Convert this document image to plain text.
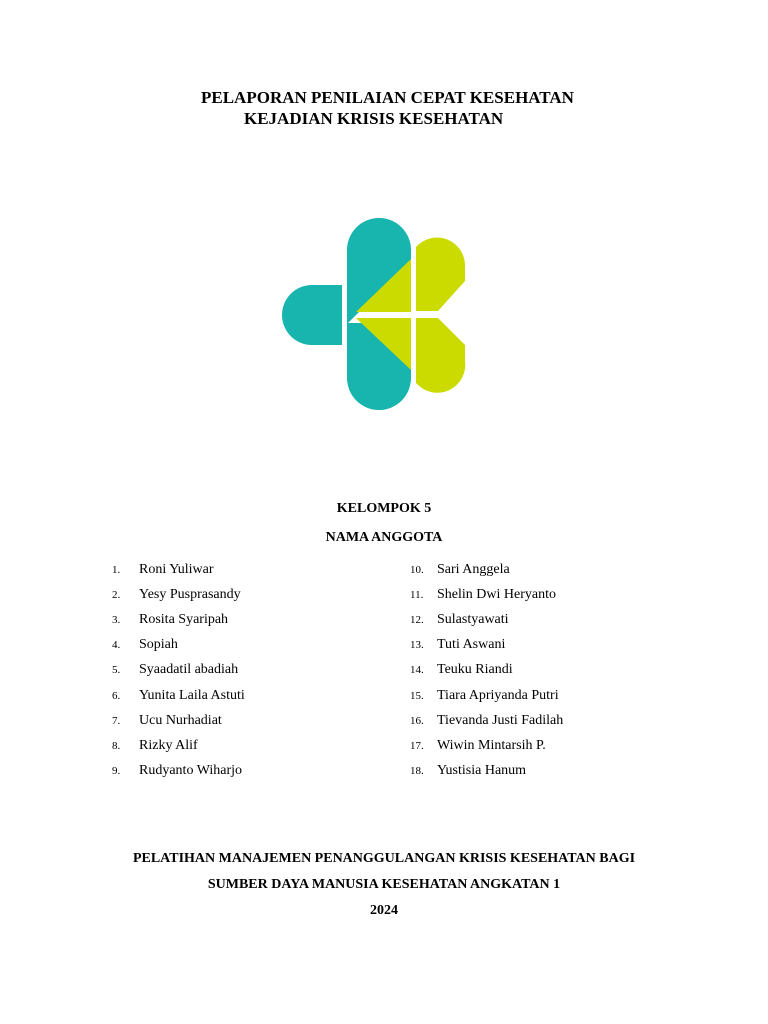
PELAPORAN PENILAIAN CEPAT KESEHATAN
KEJADIAN KRISIS KESEHATAN
KELOMPOK 5
NAMA ANGGOTA
1.	Roni Yuliwar
2.	Yesy Pusprasandy
3.	Rosita Syaripah
4.	Sopiah
5.	Syaadatil abadiah
6.	Yunita Laila Astuti
7.	Ucu Nurhadiat
8.	Rizky Alif
9.	Rudyanto Wiharjo
10. Sari Anggela
11. Shelin Dwi Heryanto
12. Sulastyawati
13. Tuti Aswani
14. Teuku Riandi
15. Tiara Apriyanda Putri
16. Tievanda Justi Fadilah
17. Wiwin Mintarsih P.
18. Yustisia Hanum
PELATIHAN MANAJEMEN PENANGGULANGAN KRISIS KESEHATAN BAGI
SUMBER DAYA MANUSIA KESEHATAN ANGKATAN 1
2024
